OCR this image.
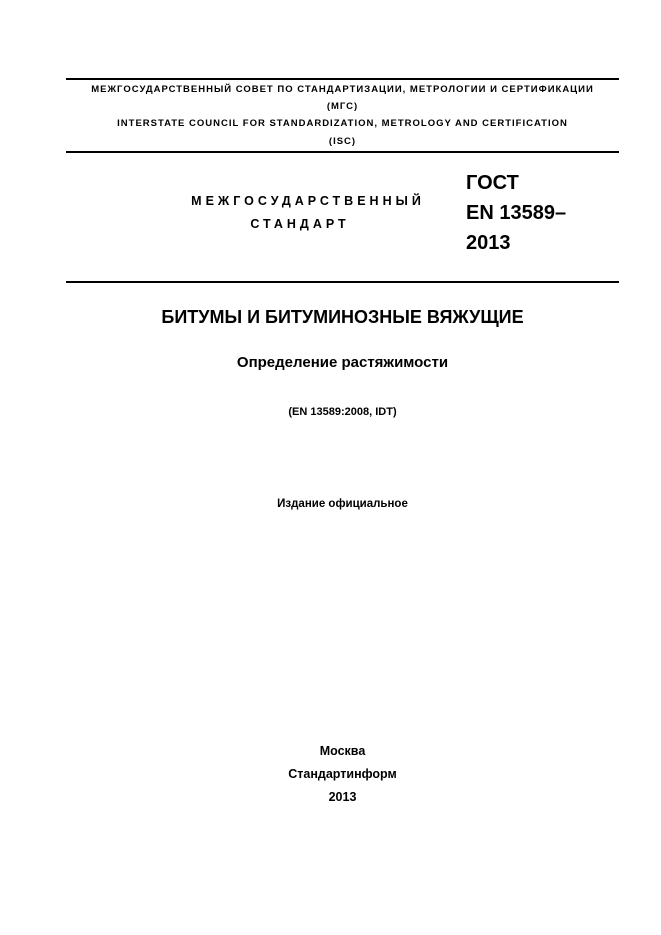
МЕЖГОСУДАРСТВЕННЫЙ СОВЕТ ПО СТАНДАРТИЗАЦИИ, МЕТРОЛОГИИ И СЕРТИФИКАЦИИ
(МГС)
INTERSTATE COUNCIL FOR STANDARDIZATION, METROLOGY AND CERTIFICATION
(ISC)
МЕЖГОСУДАРСТВЕННЫЙ
СТАНДАРТ
ГОСТ
EN 13589–
2013
БИТУМЫ И БИТУМИНОЗНЫЕ ВЯЖУЩИЕ
Определение растяжимости
(EN 13589:2008, IDT)
Издание официальное
Москва
Стандартинформ
2013
